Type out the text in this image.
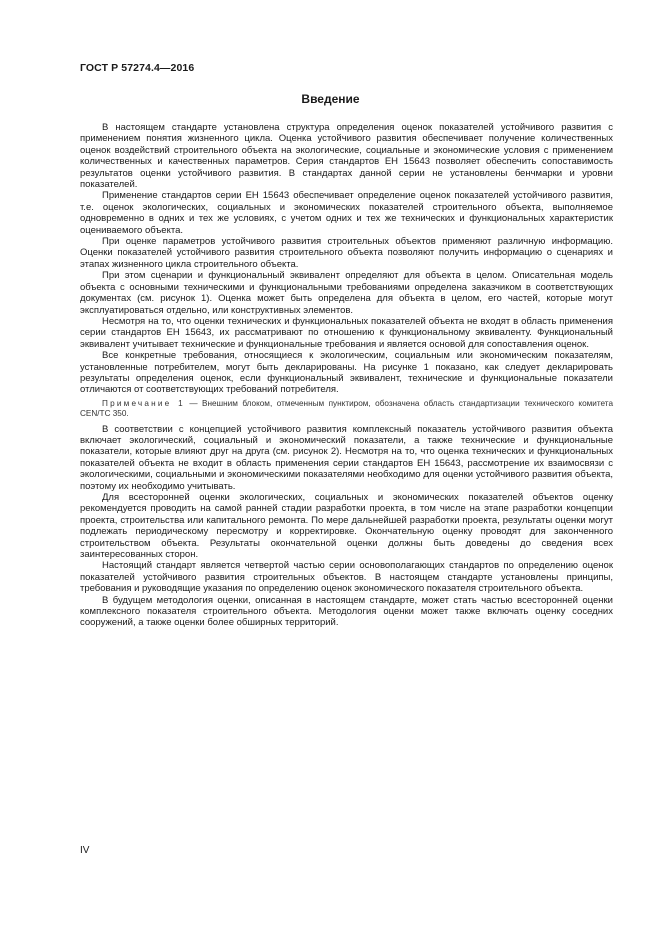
ГОСТ Р 57274.4—2016
Введение

В настоящем стандарте установлена структура определения оценок показателей устойчивого развития с применением понятия жизненного цикла. Оценка устойчивого развития обеспечивает получение количественных оценок воздействий строительного объекта на экологические, социальные и экономические условия с применением количественных и качественных параметров. Серия стандартов ЕН 15643 позволяет обеспечить сопоставимость результатов оценки устойчивого развития. В стандартах данной серии не установлены бенчмарки и уровни показателей.

Применение стандартов серии ЕН 15643 обеспечивает определение оценок показателей устойчивого развития, т.е. оценок экологических, социальных и экономических показателей строительного объекта, выполняемое одновременно в одних и тех же условиях, с учетом одних и тех же технических и функциональных характеристик оцениваемого объекта.

При оценке параметров устойчивого развития строительных объектов применяют различную информацию. Оценки показателей устойчивого развития строительного объекта позволяют получить информацию о сценариях и этапах жизненного цикла строительного объекта.

При этом сценарии и функциональный эквивалент определяют для объекта в целом. Описательная модель объекта с основными техническими и функциональными требованиями определена заказчиком в соответствующих документах (см. рисунок 1). Оценка может быть определена для объекта в целом, его частей, которые могут эксплуатироваться отдельно, или конструктивных элементов.

Несмотря на то, что оценки технических и функциональных показателей объекта не входят в область применения серии стандартов ЕН 15643, их рассматривают по отношению к функциональному эквиваленту. Функциональный эквивалент учитывает технические и функциональные требования и является основой для сопоставления оценок.

Все конкретные требования, относящиеся к экологическим, социальным или экономическим показателям, установленные потребителем, могут быть декларированы. На рисунке 1 показано, как следует декларировать результаты определения оценок, если функциональный эквивалент, технические и функциональные показатели отличаются от соответствующих требований потребителя.

Примечание 1 — Внешним блоком, отмеченным пунктиром, обозначена область стандартизации технического комитета CEN/TC 350.

В соответствии с концепцией устойчивого развития комплексный показатель устойчивого развития объекта включает экологический, социальный и экономический показатели, а также технические и функциональные показатели, которые влияют друг на друга (см. рисунок 2). Несмотря на то, что оценка технических и функциональных показателей объекта не входит в область применения серии стандартов ЕН 15643, рассмотрение их взаимосвязи с экологическими, социальными и экономическими показателями необходимо для оценки устойчивого развития объекта, поэтому их необходимо учитывать.

Для всесторонней оценки экологических, социальных и экономических показателей объектов оценку рекомендуется проводить на самой ранней стадии разработки проекта, в том числе на этапе разработки концепции проекта, строительства или капитального ремонта. По мере дальнейшей разработки проекта, результаты оценки могут подлежать периодическому пересмотру и корректировке. Окончательную оценку проводят для законченного строительством объекта. Результаты окончательной оценки должны быть доведены до сведения всех заинтересованных сторон.

Настоящий стандарт является четвертой частью серии основополагающих стандартов по определению оценок показателей устойчивого развития строительных объектов. В настоящем стандарте установлены принципы, требования и руководящие указания по определению оценок экономического показателя строительного объекта.

В будущем методология оценки, описанная в настоящем стандарте, может стать частью всесторонней оценки комплексного показателя строительного объекта. Методология оценки может также включать оценку соседних сооружений, а также оценки более обширных территорий.

IV
